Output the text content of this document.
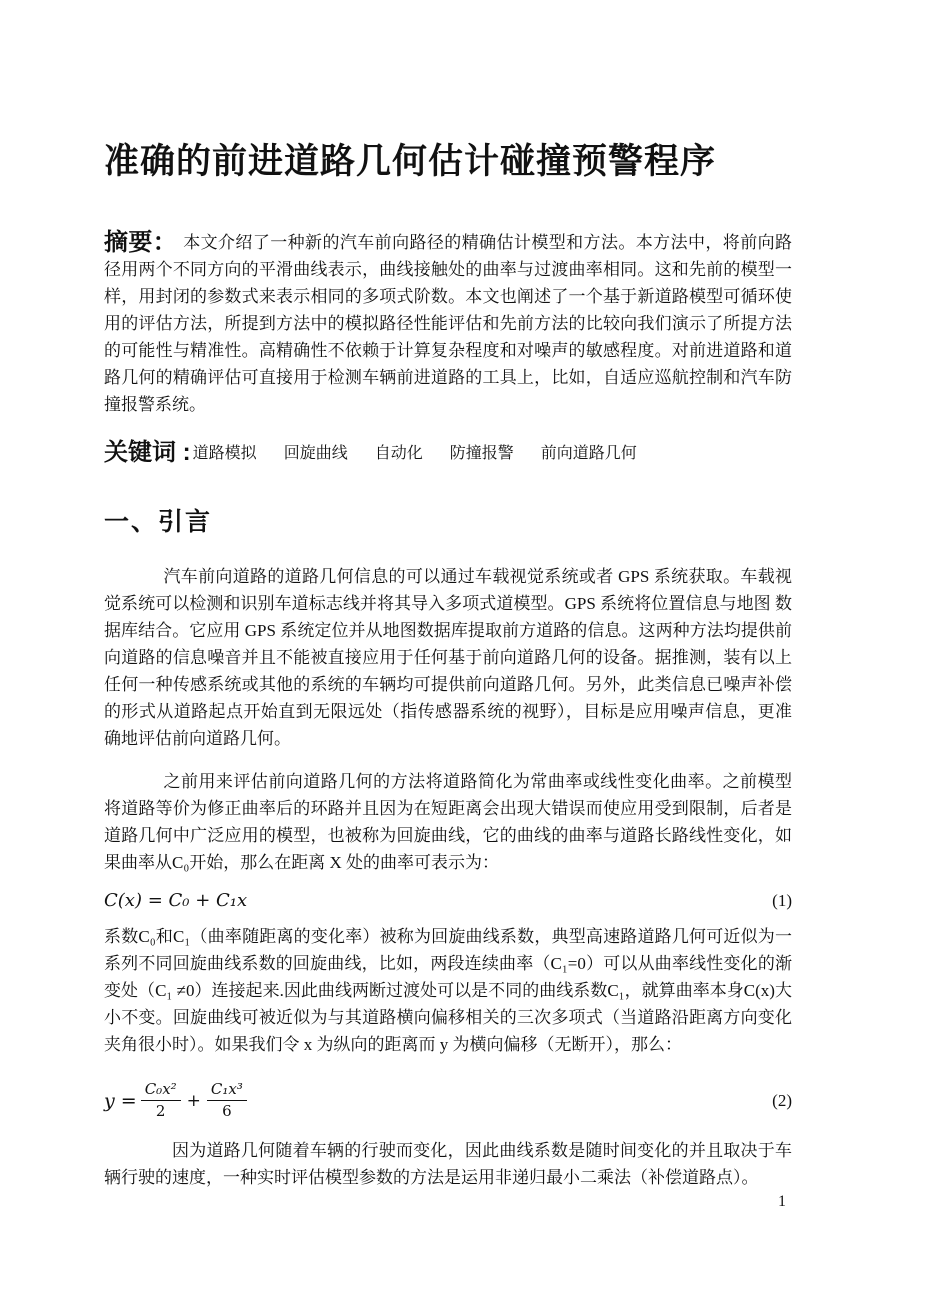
准确的前进道路几何估计碰撞预警程序

摘要： 本文介绍了一种新的汽车前向路径的精确估计模型和方法。本方法中，将前向路径用两个不同方向的平滑曲线表示，曲线接触处的曲率与过渡曲率相同。这和先前的模型一样，用封闭的参数式来表示相同的多项式阶数。本文也阐述了一个基于新道路模型可循环使用的评估方法，所提到方法中的模拟路径性能评估和先前方法的比较向我们演示了所提方法的可能性与精准性。高精确性不依赖于计算复杂程度和对噪声的敏感程度。对前进道路和道路几何的精确评估可直接用于检测车辆前进道路的工具上，比如，自适应巡航控制和汽车防撞报警系统。

关键词 : 道路模拟 回旋曲线 自动化 防撞报警 前向道路几何

一、引言

汽车前向道路的道路几何信息的可以通过车载视觉系统或者 GPS 系统获取。车载视觉系统可以检测和识别车道标志线并将其导入多项式道模型。GPS 系统将位置信息与地图 数据库结合。它应用 GPS 系统定位并从地图数据库提取前方道路的信息。这两种方法均提供前向道路的信息噪音并且不能被直接应用于任何基于前向道路几何的设备。据推测，装有以上任何一种传感系统或其他的系统的车辆均可提供前向道路几何。另外，此类信息已噪声补偿的形式从道路起点开始直到无限远处（指传感器系统的视野），目标是应用噪声信息，更准确地评估前向道路几何。

之前用来评估前向道路几何的方法将道路简化为常曲率或线性变化曲率。之前模型将道路等价为修正曲率后的环路并且因为在短距离会出现大错误而使应用受到限制，后者是道路几何中广泛应用的模型，也被称为回旋曲线，它的曲线的曲率与道路长路线性变化，如果曲率从C₀开始，那么在距离 X 处的曲率可表示为：

C(x) = C₀ + C₁x	(1)

系数C₀和C₁（曲率随距离的变化率）被称为回旋曲线系数，典型高速路道路几何可近似为一系列不同回旋曲线系数的回旋曲线，比如，两段连续曲率（C₁=0）可以从曲率线性变化的渐变处（C₁ ≠0）连接起来.因此曲线两断过渡处可以是不同的曲线系数C₁，就算曲率本身C(x)大小不变。回旋曲线可被近似为与其道路横向偏移相关的三次多项式（当道路沿距离方向变化夹角很小时）。如果我们令 x 为纵向的距离而 y 为横向偏移（无断开），那么：

$y = \frac{\text{C₀x²}}{2} + \frac{\text{C₁x³}}{6}$	(2)

因为道路几何随着车辆的行驶而变化，因此曲线系数是随时间变化的并且取决于车辆行驶的速度，一种实时评估模型参数的方法是运用非递归最小二乘法（补偿道路点）。

1
